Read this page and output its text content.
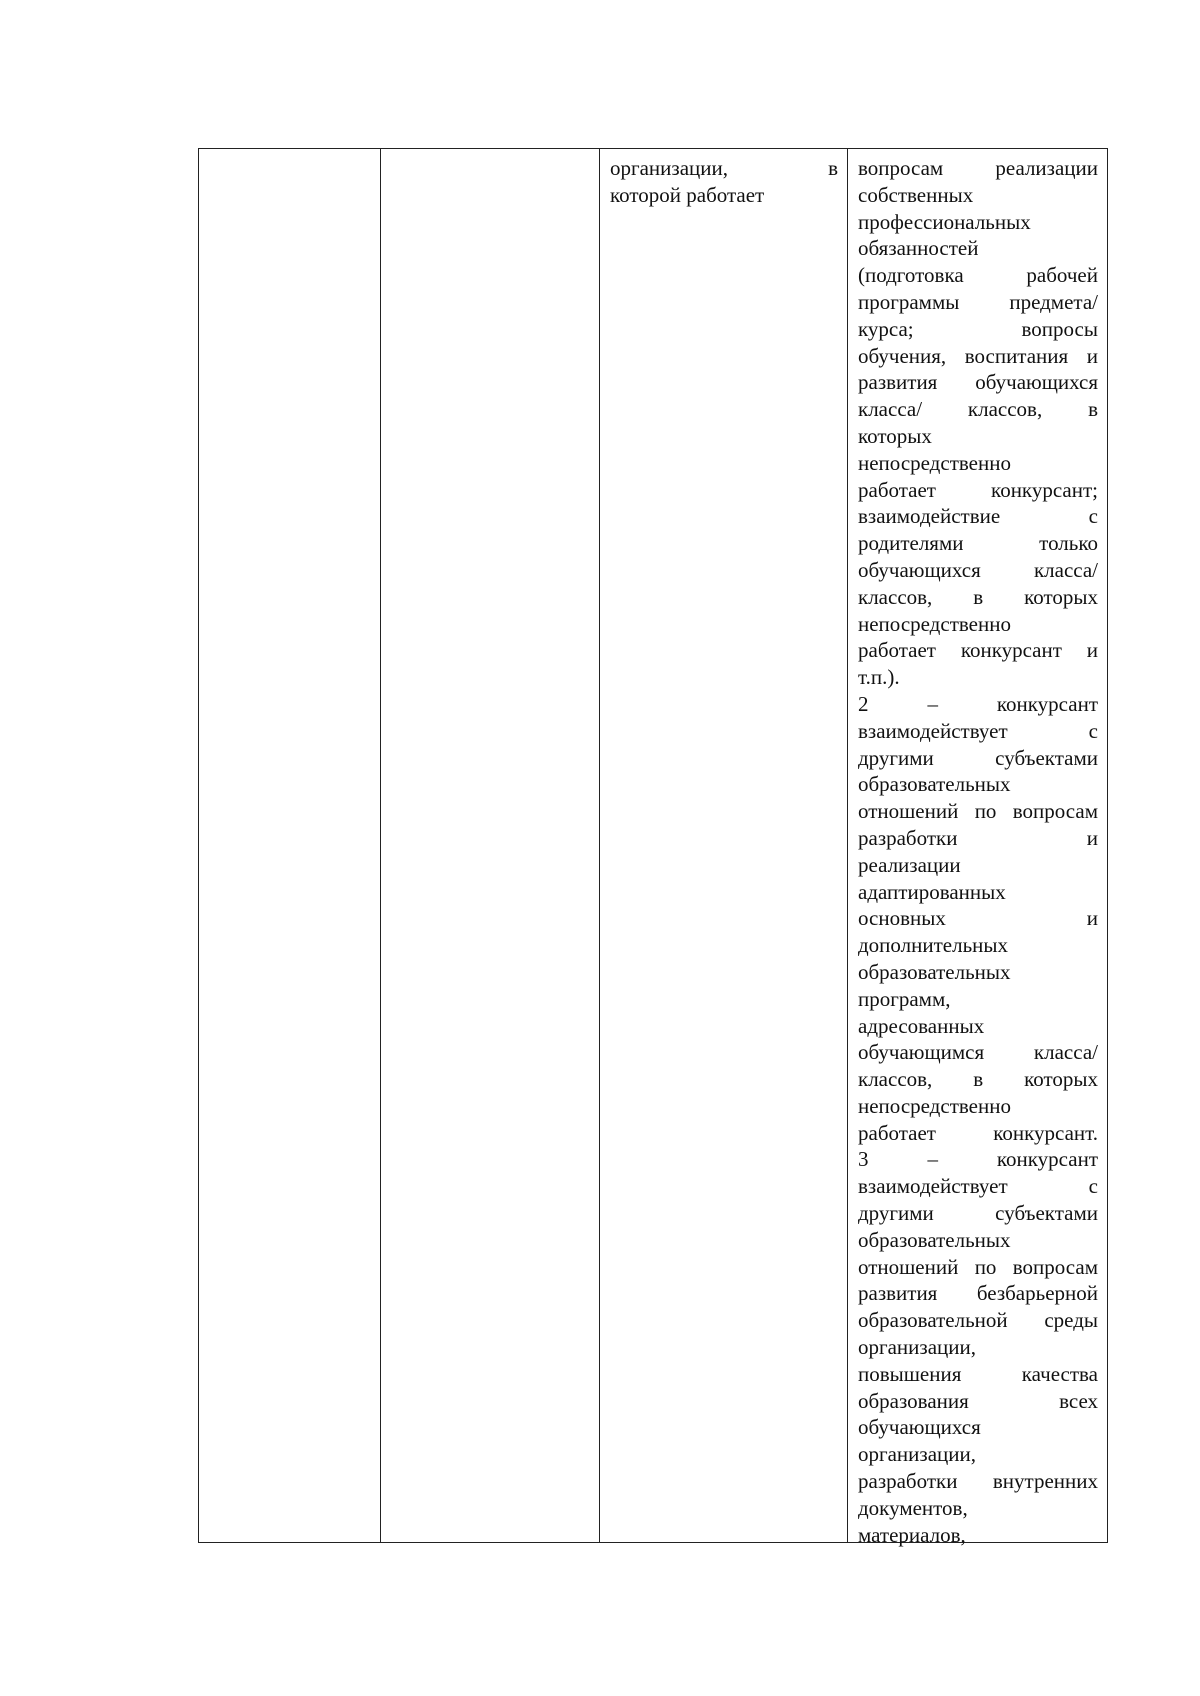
организации, в
которой работает
вопросам реализации
собственных
профессиональных
обязанностей
(подготовка рабочей
программы предмета/
курса; вопросы
обучения, воспитания и
развития обучающихся
класса/ классов, в
которых
непосредственно
работает конкурсант;
взаимодействие с
родителями только
обучающихся класса/
классов, в которых
непосредственно
работает конкурсант и
т.п.).
2 – конкурсант
взаимодействует с
другими субъектами
образовательных
отношений по вопросам
разработки и
реализации
адаптированных
основных и
дополнительных
образовательных
программ,
адресованных
обучающимся класса/
классов, в которых
непосредственно
работает конкурсант.
3 – конкурсант
взаимодействует с
другими субъектами
образовательных
отношений по вопросам
развития безбарьерной
образовательной среды
организации,
повышения качества
образования всех
обучающихся
организации,
разработки внутренних
документов,
материалов,
